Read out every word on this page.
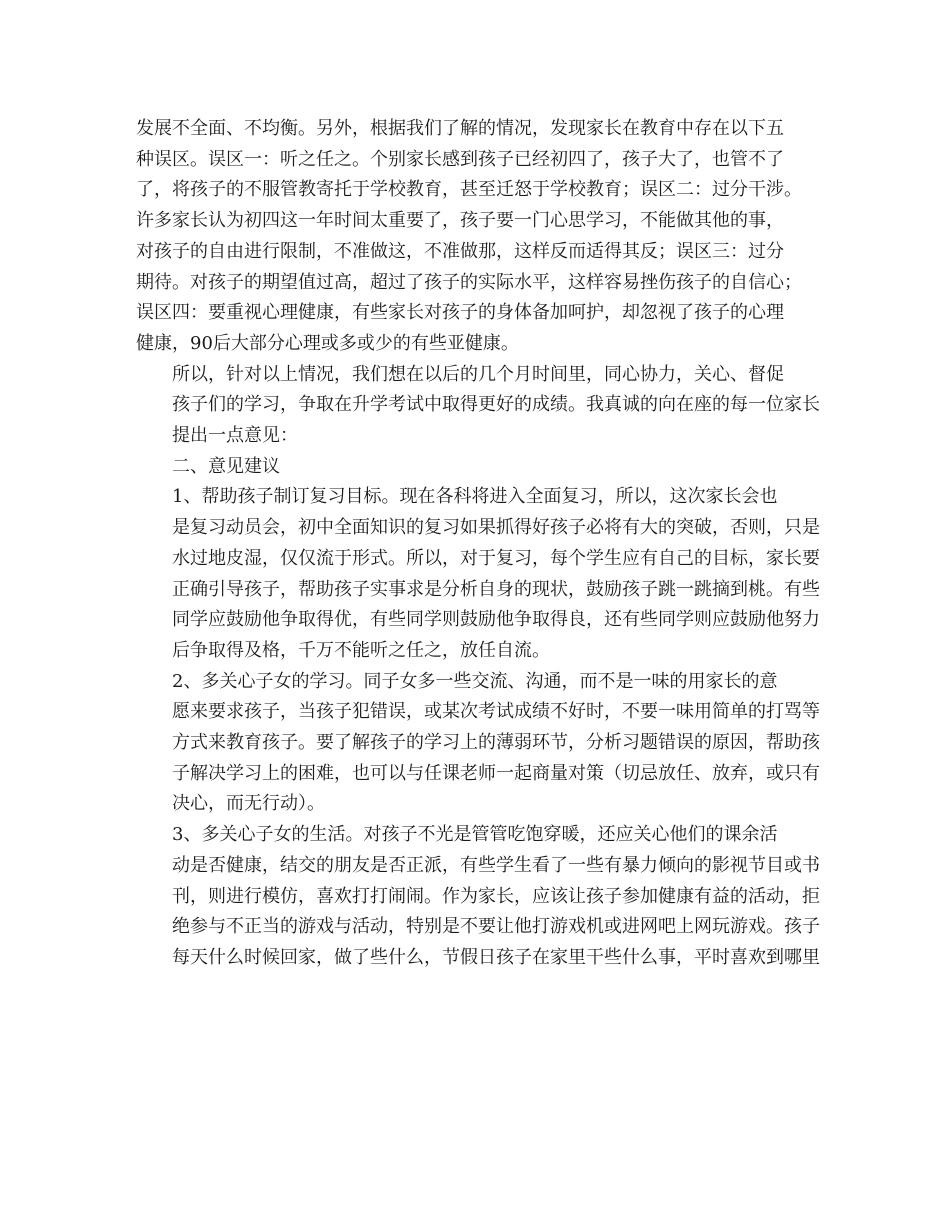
发展不全面、不均衡。另外，根据我们了解的情况，发现家长在教育中存在以下五
种误区。误区一：听之任之。个别家长感到孩子已经初四了，孩子大了，也管不了
了，将孩子的不服管教寄托于学校教育，甚至迁怒于学校教育；误区二：过分干涉。
许多家长认为初四这一年时间太重要了，孩子要一门心思学习，不能做其他的事，
对孩子的自由进行限制，不准做这，不准做那，这样反而适得其反；误区三：过分
期待。对孩子的期望值过高，超过了孩子的实际水平，这样容易挫伤孩子的自信心；
误区四：要重视心理健康，有些家长对孩子的身体备加呵护，却忽视了孩子的心理
健康，90后大部分心理或多或少的有些亚健康。

所以，针对以上情况，我们想在以后的几个月时间里，同心协力，关心、督促
孩子们的学习，争取在升学考试中取得更好的成绩。我真诚的向在座的每一位家长
提出一点意见：

二、意见建议

1、帮助孩子制订复习目标。现在各科将进入全面复习，所以，这次家长会也
是复习动员会，初中全面知识的复习如果抓得好孩子必将有大的突破，否则，只是
水过地皮湿，仅仅流于形式。所以，对于复习，每个学生应有自己的目标，家长要
正确引导孩子，帮助孩子实事求是分析自身的现状，鼓励孩子跳一跳摘到桃。有些
同学应鼓励他争取得优，有些同学则鼓励他争取得良，还有些同学则应鼓励他努力
后争取得及格，千万不能听之任之，放任自流。

2、多关心子女的学习。同子女多一些交流、沟通，而不是一味的用家长的意
愿来要求孩子，当孩子犯错误，或某次考试成绩不好时，不要一味用简单的打骂等
方式来教育孩子。要了解孩子的学习上的薄弱环节，分析习题错误的原因，帮助孩
子解决学习上的困难，也可以与任课老师一起商量对策（切忌放任、放弃，或只有
决心，而无行动）。

3、多关心子女的生活。对孩子不光是管管吃饱穿暖，还应关心他们的课余活
动是否健康，结交的朋友是否正派，有些学生看了一些有暴力倾向的影视节目或书
刊，则进行模仿，喜欢打打闹闹。作为家长，应该让孩子参加健康有益的活动，拒
绝参与不正当的游戏与活动，特别是不要让他打游戏机或进网吧上网玩游戏。孩子
每天什么时候回家，做了些什么，节假日孩子在家里干些什么事，平时喜欢到哪里
